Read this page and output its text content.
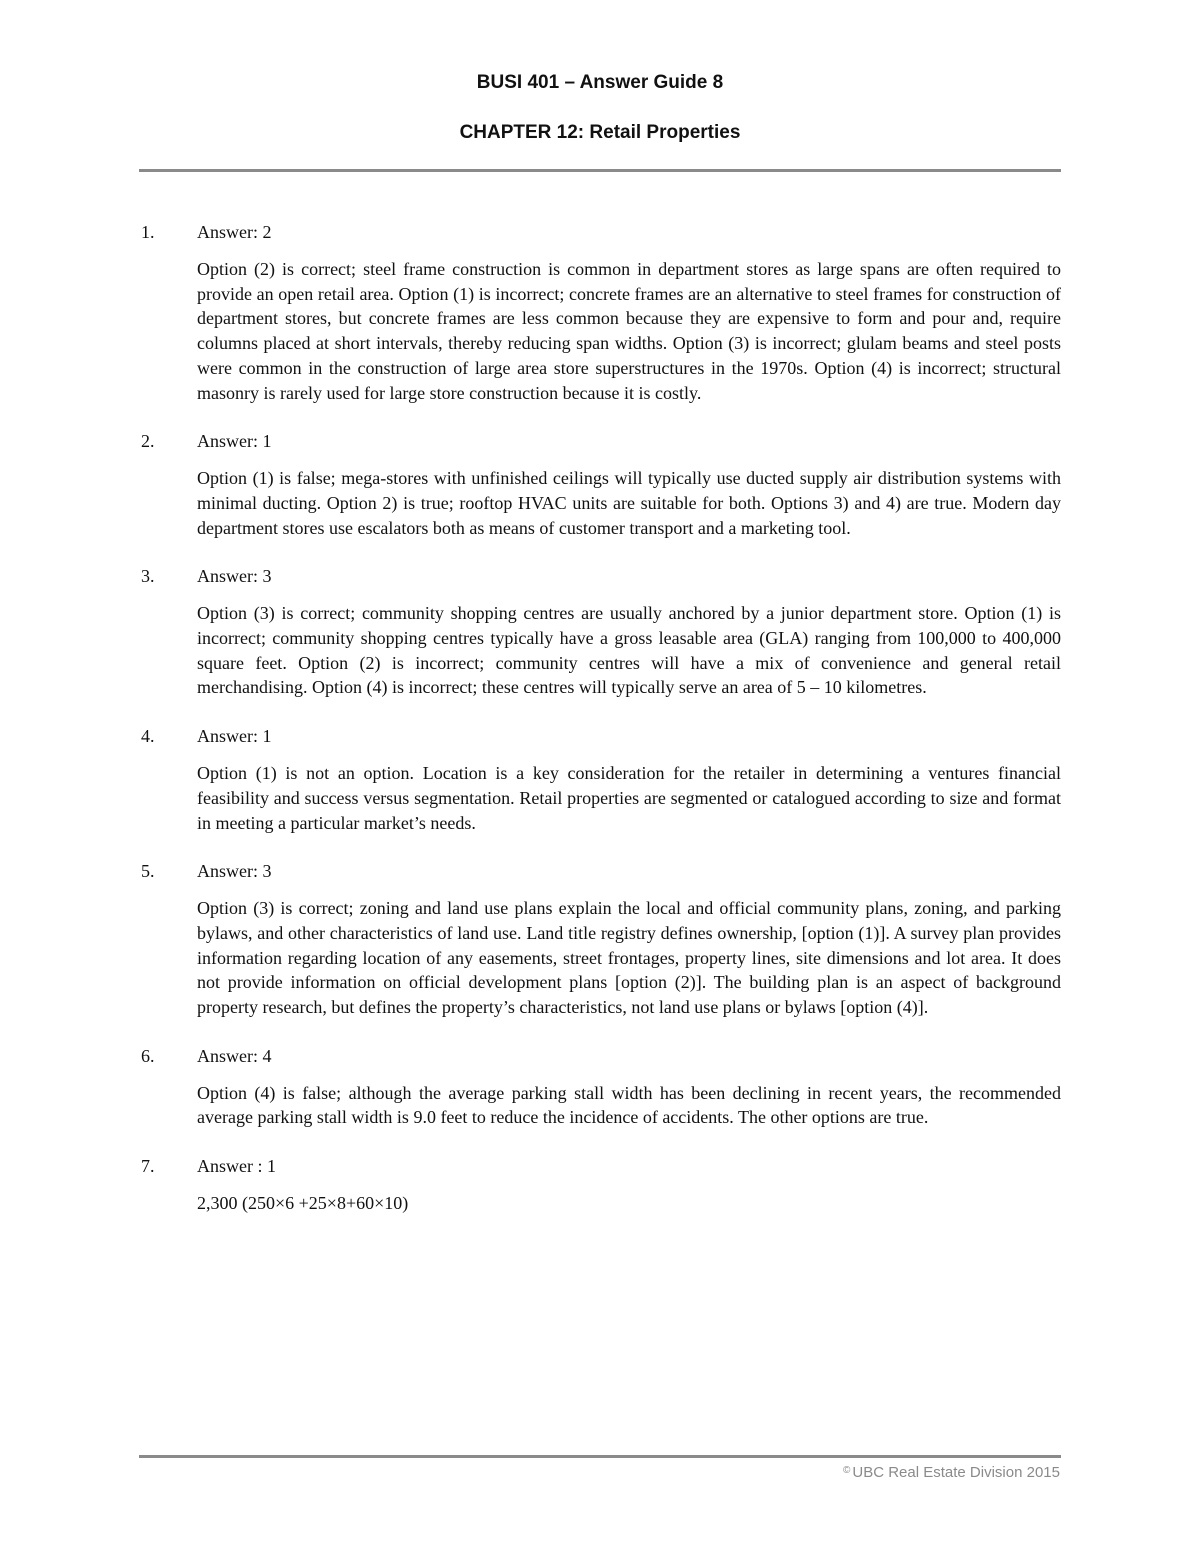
BUSI 401 – Answer Guide 8
CHAPTER 12: Retail Properties
1. Answer: 2
Option (2) is correct; steel frame construction is common in department stores as large spans are often required to provide an open retail area. Option (1) is incorrect; concrete frames are an alternative to steel frames for construction of department stores, but concrete frames are less common because they are expensive to form and pour and, require columns placed at short intervals, thereby reducing span widths. Option (3) is incorrect; glulam beams and steel posts were common in the construction of large area store superstructures in the 1970s. Option (4) is incorrect; structural masonry is rarely used for large store construction because it is costly.
2. Answer: 1
Option (1) is false; mega-stores with unfinished ceilings will typically use ducted supply air distribution systems with minimal ducting. Option 2) is true; rooftop HVAC units are suitable for both. Options 3) and 4) are true. Modern day department stores use escalators both as means of customer transport and a marketing tool.
3. Answer: 3
Option (3) is correct; community shopping centres are usually anchored by a junior department store. Option (1) is incorrect; community shopping centres typically have a gross leasable area (GLA) ranging from 100,000 to 400,000 square feet. Option (2) is incorrect; community centres will have a mix of convenience and general retail merchandising. Option (4) is incorrect; these centres will typically serve an area of 5 – 10 kilometres.
4. Answer: 1
Option (1) is not an option. Location is a key consideration for the retailer in determining a ventures financial feasibility and success versus segmentation. Retail properties are segmented or catalogued according to size and format in meeting a particular market’s needs.
5. Answer: 3
Option (3) is correct; zoning and land use plans explain the local and official community plans, zoning, and parking bylaws, and other characteristics of land use. Land title registry defines ownership, [option (1)]. A survey plan provides information regarding location of any easements, street frontages, property lines, site dimensions and lot area. It does not provide information on official development plans [option (2)]. The building plan is an aspect of background property research, but defines the property’s characteristics, not land use plans or bylaws [option (4)].
6. Answer: 4
Option (4) is false; although the average parking stall width has been declining in recent years, the recommended average parking stall width is 9.0 feet to reduce the incidence of accidents. The other options are true.
7. Answer : 1
2,300 (250×6 +25×8+60×10)
© UBC Real Estate Division 2015
